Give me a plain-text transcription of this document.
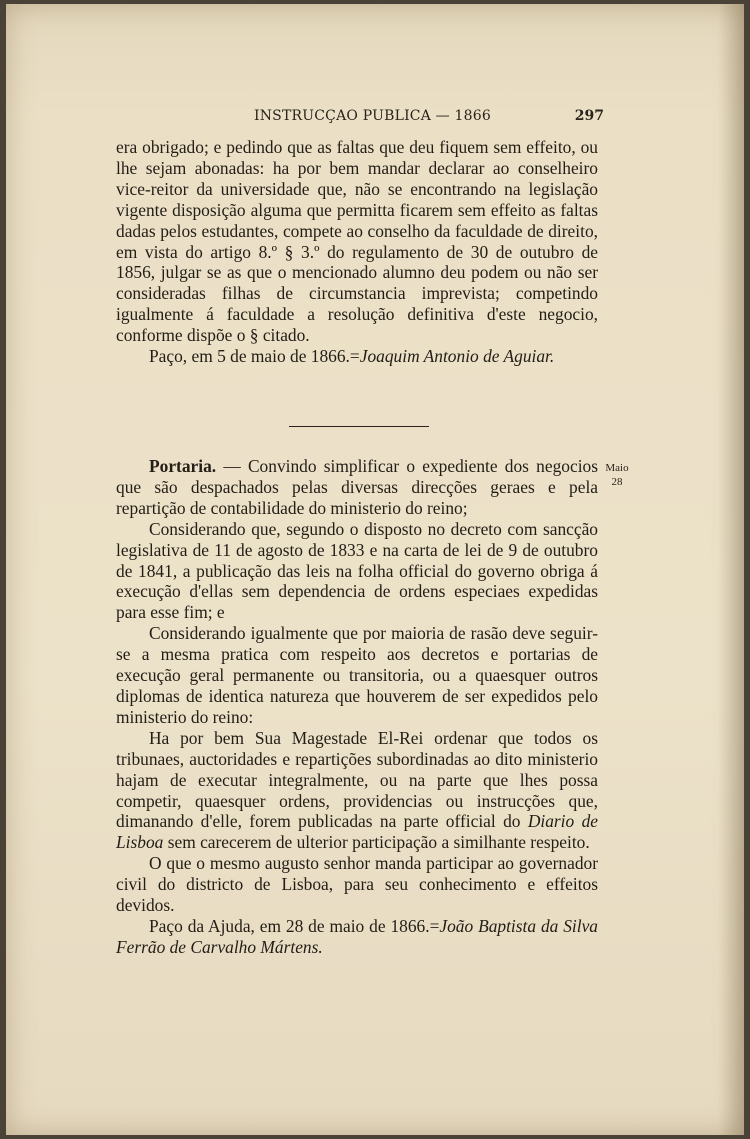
INSTRUCÇAO PUBLICA — 1866	297

era obrigado; e pedindo que as faltas que deu fiquem sem effeito, ou lhe sejam abonadas: ha por bem mandar declarar ao conselheiro vice-reitor da universidade que, não se encontrando na legislação vigente disposição alguma que permitta ficarem sem effeito as faltas dadas pelos estudantes, compete ao conselho da faculdade de direito, em vista do artigo 8.º § 3.º do regulamento de 30 de outubro de 1856, julgar se as que o mencionado alumno deu podem ou não ser consideradas filhas de circumstancia imprevista; competindo igualmente á faculdade a resolução definitiva d'este negocio, conforme dispõe o § citado.

Paço, em 5 de maio de 1866.=Joaquim Antonio de Aguiar.

Maio
28

Portaria. — Convindo simplificar o expediente dos negocios que são despachados pelas diversas direcções geraes e pela repartição de contabilidade do ministerio do reino;

Considerando que, segundo o disposto no decreto com sancção legislativa de 11 de agosto de 1833 e na carta de lei de 9 de outubro de 1841, a publicação das leis na folha official do governo obriga á execução d'ellas sem dependencia de ordens especiaes expedidas para esse fim; e

Considerando igualmente que por maioria de rasão deve seguir-se a mesma pratica com respeito aos decretos e portarias de execução geral permanente ou transitoria, ou a quaesquer outros diplomas de identica natureza que houverem de ser expedidos pelo ministerio do reino:

Ha por bem Sua Magestade El-Rei ordenar que todos os tribunaes, auctoridades e repartições subordinadas ao dito ministerio hajam de executar integralmente, ou na parte que lhes possa competir, quaesquer ordens, providencias ou instrucções que, dimanando d'elle, forem publicadas na parte official do Diario de Lisboa sem carecerem de ulterior participação a similhante respeito.

O que o mesmo augusto senhor manda participar ao governador civil do districto de Lisboa, para seu conhecimento e effeitos devidos.

Paço da Ajuda, em 28 de maio de 1866.=João Baptista da Silva Ferrão de Carvalho Mártens.
